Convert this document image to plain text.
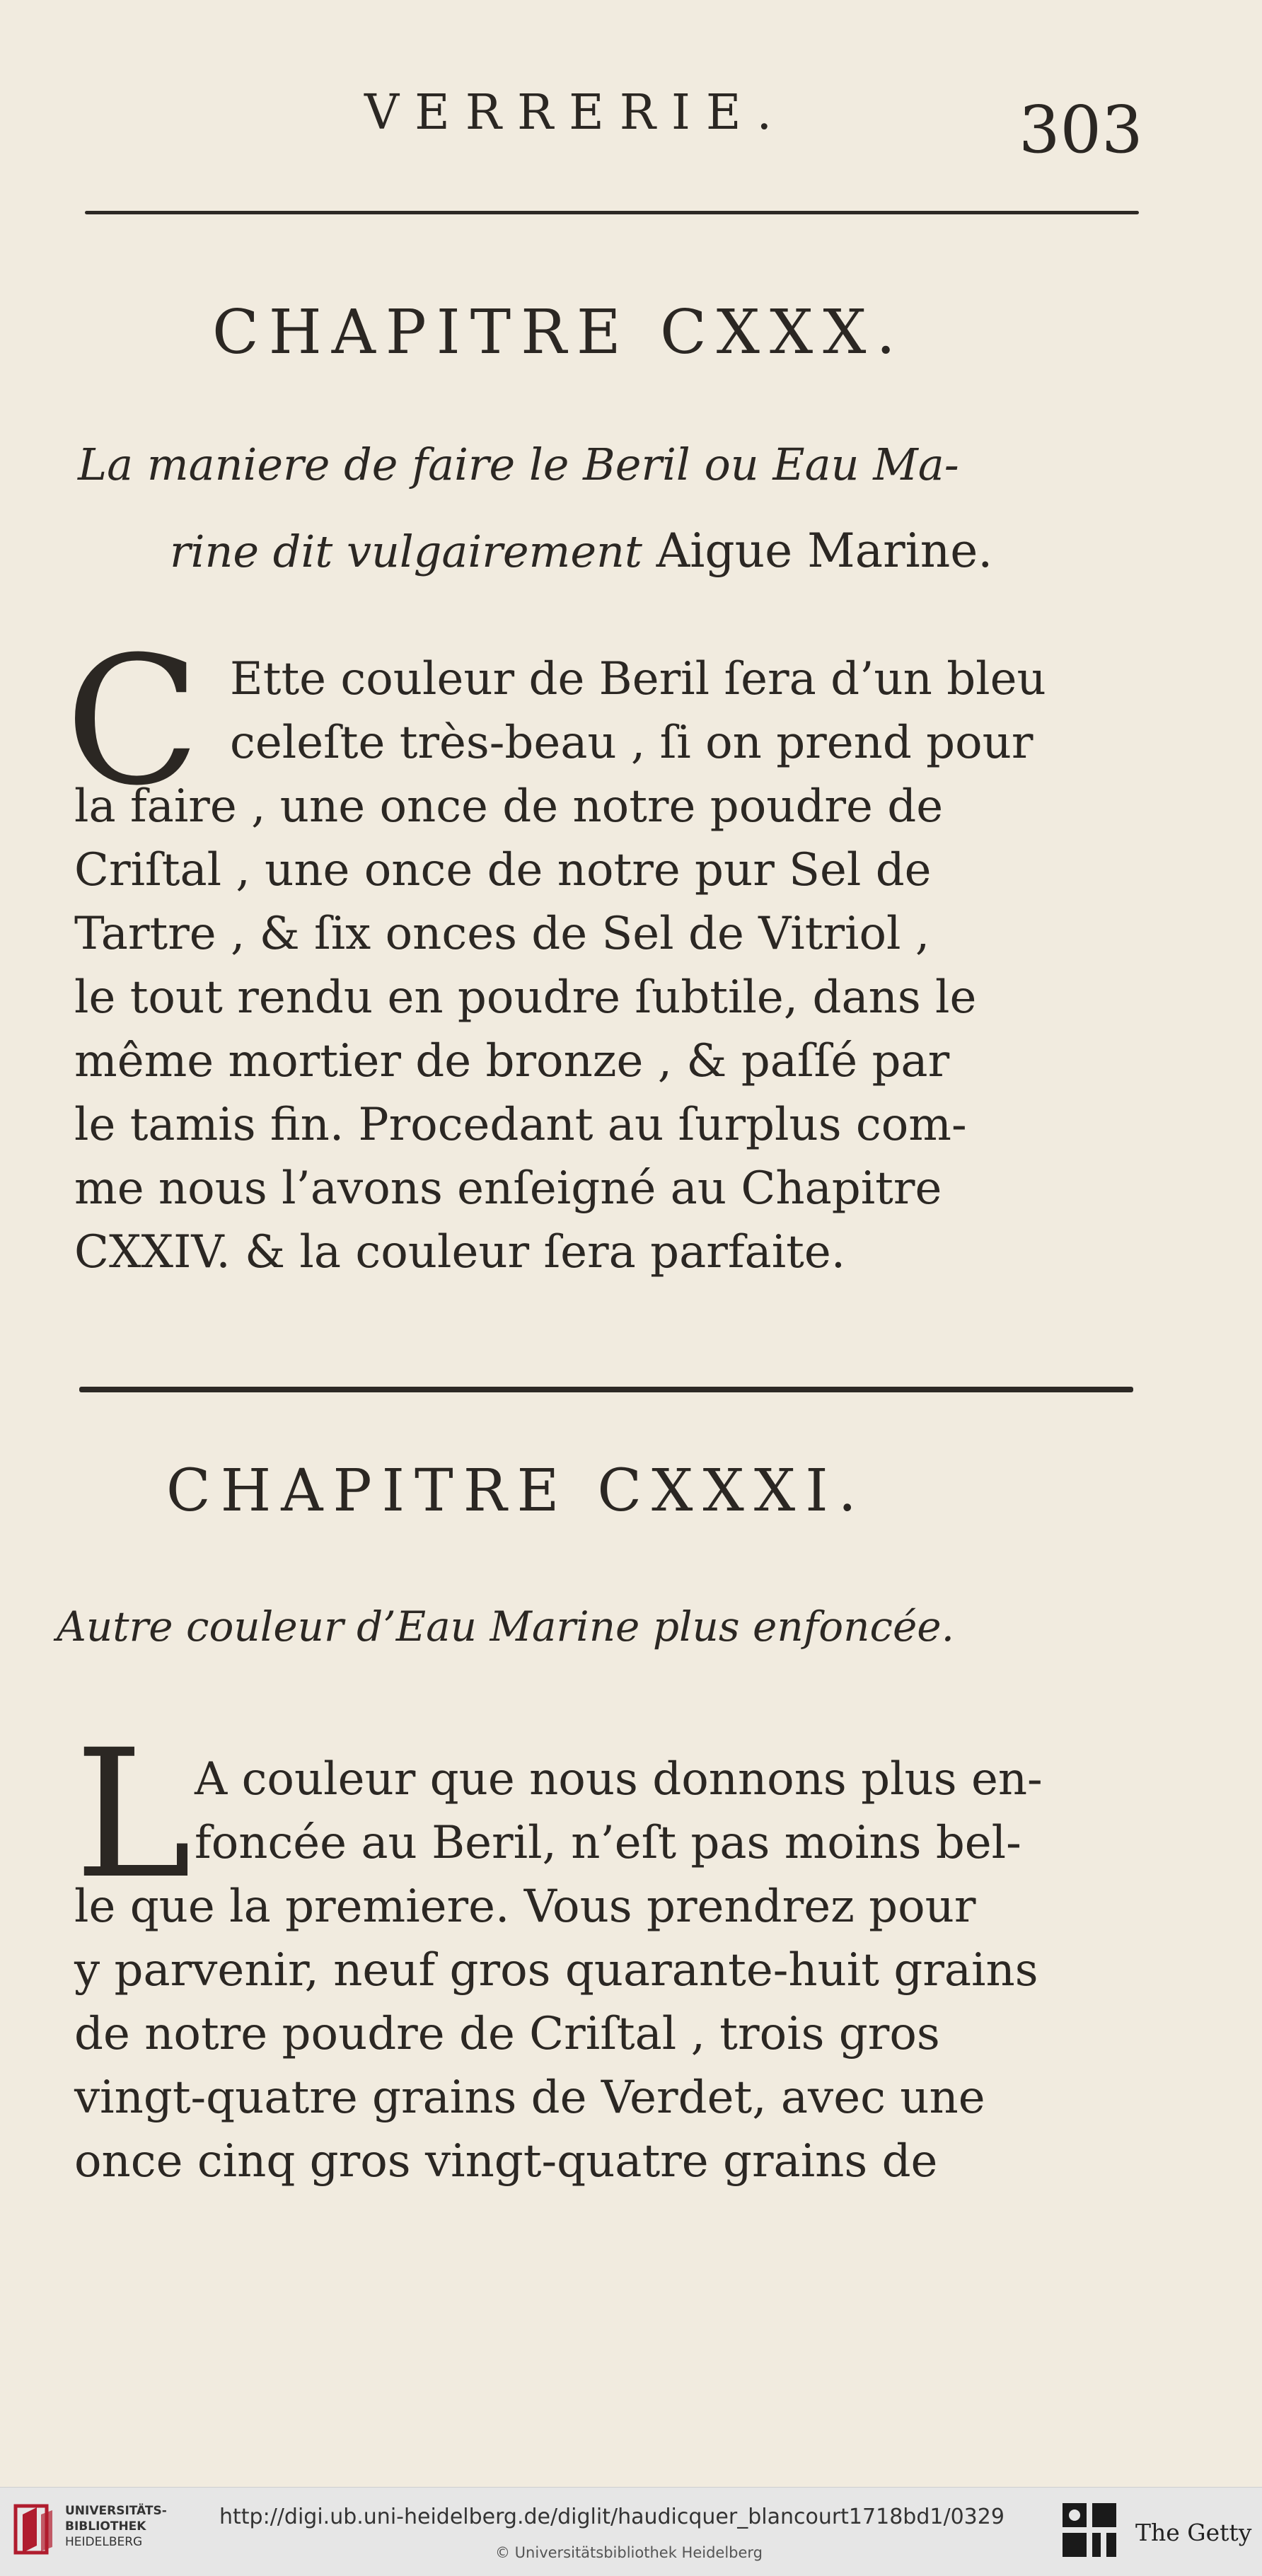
VERRERIE.	303
CHAPITRE CXXX.
La maniere de faire le Beril ou Eau Ma-
rine dit vulgairement Aigue Marine.
C Ette couleur de Beril ſera d’un bleu
celeſte très-beau , ſi on prend pour
la faire , une once de notre poudre de
Criſtal , une once de notre pur Sel de
Tartre , & ſix onces de Sel de Vitriol ,
le tout rendu en poudre ſubtile, dans le
même mortier de bronze , & paſſé par
le tamis fin. Procedant au ſurplus com-
me nous l’avons enſeigné au Chapitre
CXXIV. & la couleur ſera parfaite.
CHAPITRE CXXXI.
Autre couleur d’Eau Marine plus enfoncée.
L A couleur que nous donnons plus en-
foncée au Beril, n’eſt pas moins bel-
le que la premiere. Vous prendrez pour
y parvenir, neuf gros quarante-huit grains
de notre poudre de Criſtal , trois gros
vingt-quatre grains de Verdet, avec une
once cinq gros vingt-quatre grains de
UNIVERSITÄTS-
BIBLIOTHEK
HEIDELBERG
http://digi.ub.uni-heidelberg.de/diglit/haudicquer_blancourt1718bd1/0329
© Universitätsbibliothek Heidelberg
The Getty
